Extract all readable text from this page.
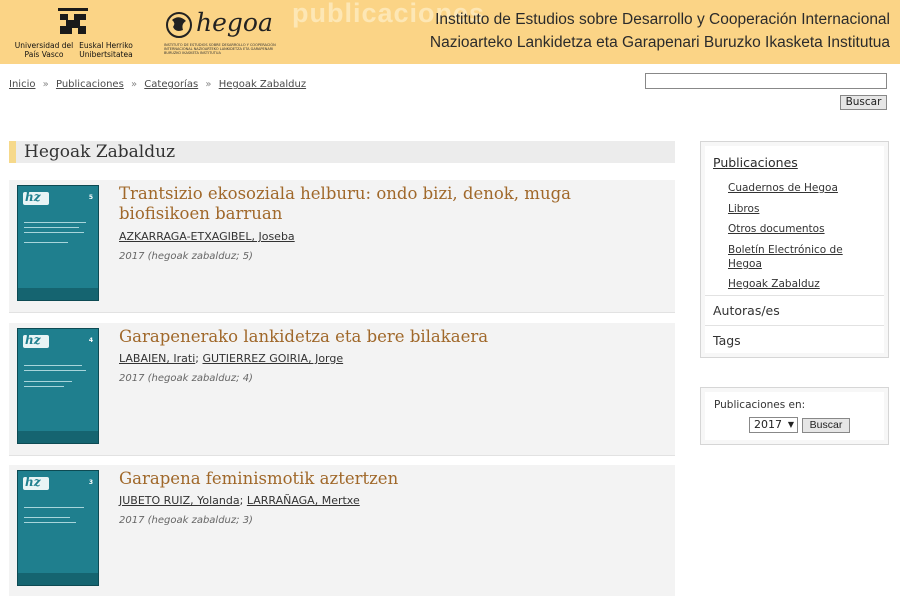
Universidad del País Vasco
Euskal Herriko Unibertsitatea
hegoa
INSTITUTO DE ESTUDIOS SOBRE DESARROLLO Y COOPERACIÓN INTERNACIONAL NAZIOARTEKO LANKIDETZA ETA GARAPENARI BURUZKO IKASKETA INSTITUTUA
publicaciones
Instituto de Estudios sobre Desarrollo y Cooperación Internacional
Nazioarteko Lankidetza eta Garapenari Buruzko Ikasketa Institutua
Inicio » Publicaciones » Categorías » Hegoak Zabalduz
Buscar
Hegoak Zabalduz
hz
5 Trantsizio ekosoziala helburu: ondo bizi, denok, muga biofisikoen barruan
AZKARRAGA-ETXAGIBEL, Joseba
2017 (hegoak zabalduz; 5)
hz
4 Garapenerako lankidetza eta bere bilakaera
LABAIEN, Irati; GUTIERREZ GOIRIA, Jorge
2017 (hegoak zabalduz; 4)
hz
3 Garapena feminismotik aztertzen
JUBETO RUIZ, Yolanda; LARRAÑAGA, Mertxe
2017 (hegoak zabalduz; 3)
Publicaciones
Cuadernos de Hegoa
Libros
Otros documentos
Boletín Electrónico de Hegoa
Hegoak Zabalduz
Autoras/es
Tags
Publicaciones en:
2017 ▼	Buscar
